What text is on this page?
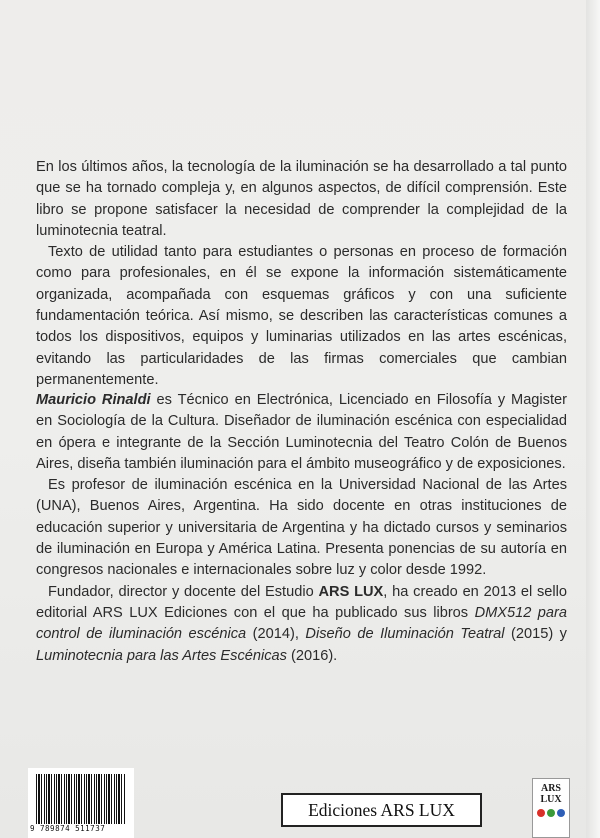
En los últimos años, la tecnología de la iluminación se ha desarrollado a tal punto que se ha tornado compleja y, en algunos aspectos, de difícil comprensión. Este libro se propone satisfacer la necesidad de comprender la complejidad de la luminotecnia teatral.

Texto de utilidad tanto para estudiantes o personas en proceso de formación como para profesionales, en él se expone la información sistemáticamente organizada, acompañada con esquemas gráficos y con una suficiente fundamentación teórica. Así mismo, se describen las características comunes a todos los dispositivos, equipos y luminarias utilizados en las artes escénicas, evitando las particularidades de las firmas comerciales que cambian permanentemente.

Mauricio Rinaldi es Técnico en Electrónica, Licenciado en Filosofía y Magister en Sociología de la Cultura. Diseñador de iluminación escénica con especialidad en ópera e integrante de la Sección Luminotecnia del Teatro Colón de Buenos Aires, diseña también iluminación para el ámbito museográfico y de exposiciones.

Es profesor de iluminación escénica en la Universidad Nacional de las Artes (UNA), Buenos Aires, Argentina. Ha sido docente en otras instituciones de educación superior y universitaria de Argentina y ha dictado cursos y seminarios de iluminación en Europa y América Latina. Presenta ponencias de su autoría en congresos nacionales e internacionales sobre luz y color desde 1992.

Fundador, director y docente del Estudio ARS LUX, ha creado en 2013 el sello editorial ARS LUX Ediciones con el que ha publicado sus libros DMX512 para control de iluminación escénica (2014), Diseño de Iluminación Teatral (2015) y Luminotecnia para las Artes Escénicas (2016).

9 789874 511737
Ediciones ARS LUX
ARS
LUX
